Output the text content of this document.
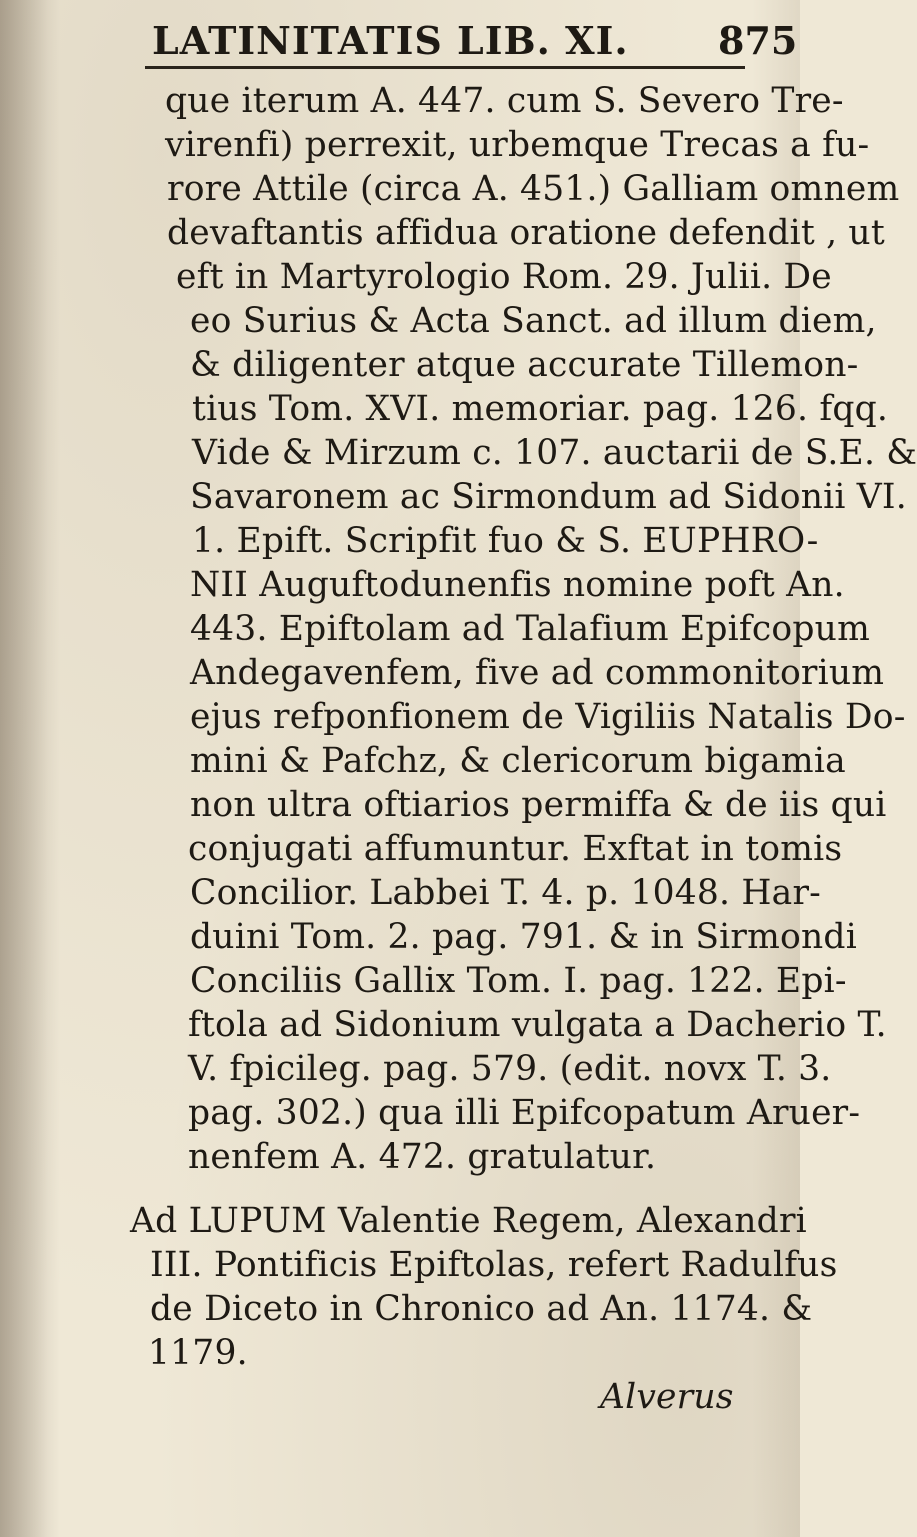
LATINITATIS LIB. XI. 875
que iterum A. 447. cum S. Severo Tre-
virenfi) perrexit, urbemque Trecas a fu-
rore Attile (circa A. 451.) Galliam omnem
devaftantis affidua oratione defendit , ut
eft in Martyrologio Rom. 29. Julii. De
eo Surius & Acta Sanct. ad illum diem,
& diligenter atque accurate Tillemon-
tius Tom. XVI. memoriar. pag. 126. fqq.
Vide & Mirzum c. 107. auctarii de S.E. &
Savaronem ac Sirmondum ad Sidonii VI.
1. Epift. Scripfit fuo & S. EUPHRO-
NII Auguftodunenfis nomine poft An.
443. Epiftolam ad Talafium Epifcopum
Andegavenfem, five ad commonitorium
ejus refponfionem de Vigiliis Natalis Do-
mini & Pafchz, & clericorum bigamia
non ultra oftiarios permiffa & de iis qui
conjugati affumuntur. Exftat in tomis
Concilior. Labbei T. 4. p. 1048. Har-
duini Tom. 2. pag. 791. & in Sirmondi
Conciliis Gallix Tom. I. pag. 122. Epi-
ftola ad Sidonium vulgata a Dacherio T.
V. fpicileg. pag. 579. (edit. novx T. 3.
pag. 302.) qua illi Epifcopatum Aruer-
nenfem A. 472. gratulatur.
Ad LUPUM Valentie Regem, Alexandri
III. Pontificis Epiftolas, refert Radulfus
de Diceto in Chronico ad An. 1174. &
1179.
Alverus
